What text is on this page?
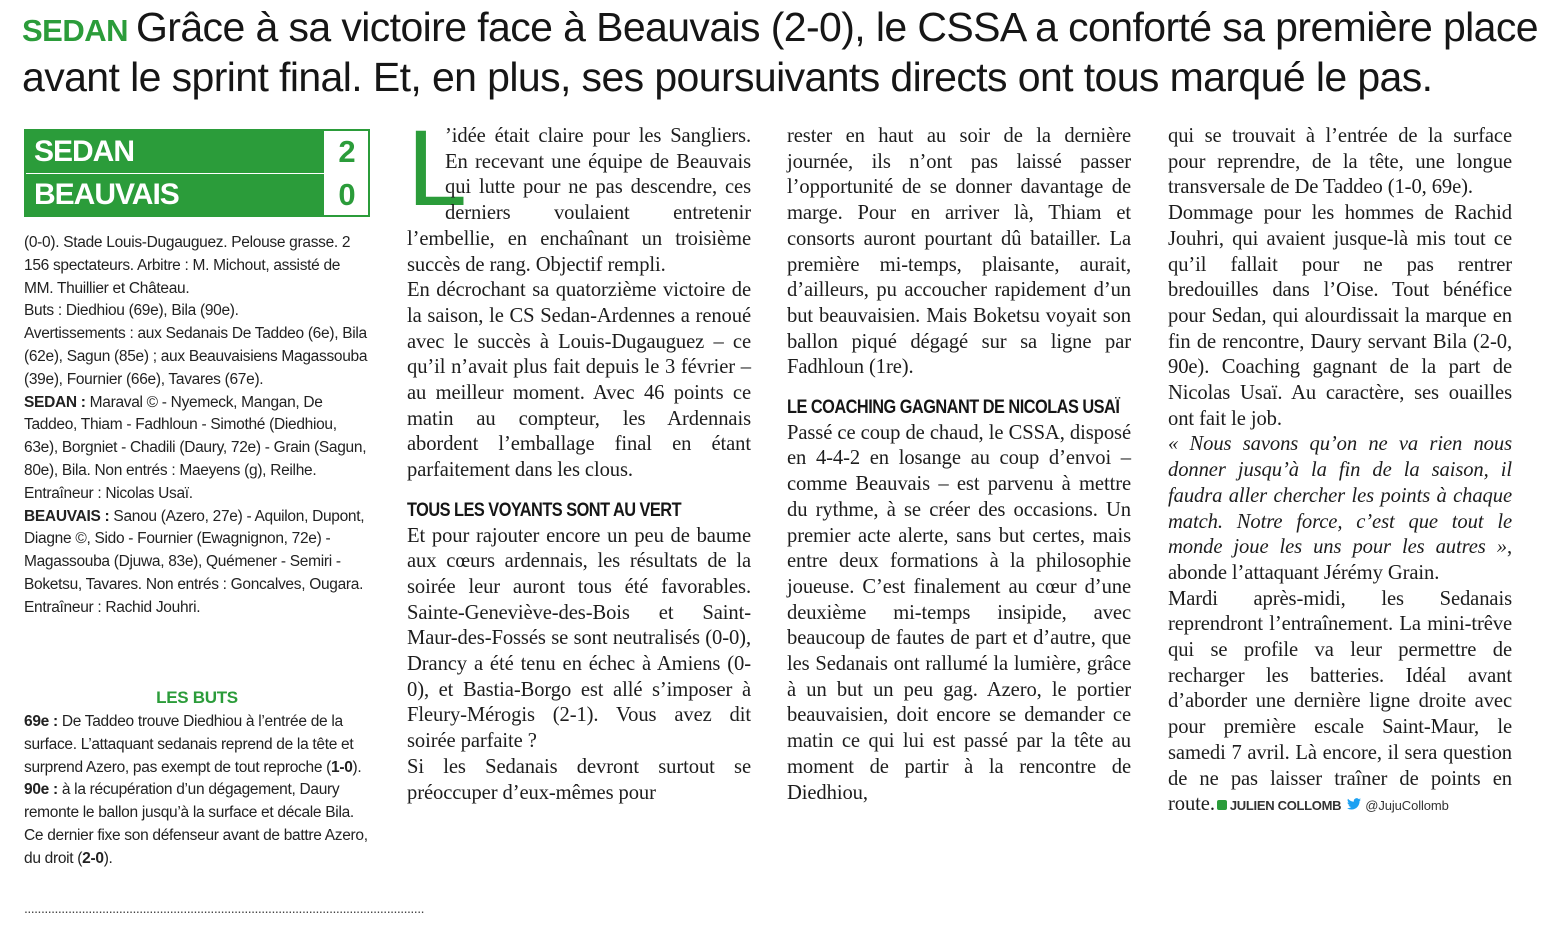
SEDAN Grâce à sa victoire face à Beauvais (2-0), le CSSA a conforté sa première place
avant le sprint final. Et, en plus, ses poursuivants directs ont tous marqué le pas.
SEDAN	2
BEAUVAIS	0

(0-0). Stade Louis-Dugauguez. Pelouse grasse. 2 156 spectateurs. Arbitre : M. Michout, assisté de MM. Thuillier et Château.

Buts : Diedhiou (69e), Bila (90e).

Avertissements : aux Sedanais De Taddeo (6e), Bila (62e), Sagun (85e) ; aux Beauvaisiens Magassouba (39e), Fournier (66e), Tavares (67e).

SEDAN : Maraval © - Nyemeck, Mangan, De Taddeo, Thiam - Fadhloun - Simothé (Diedhiou, 63e), Borgniet - Chadili (Daury, 72e) - Grain (Sagun, 80e), Bila. Non entrés : Maeyens (g), Reilhe. Entraîneur : Nicolas Usaï.

BEAUVAIS : Sanou (Azero, 27e) - Aquilon, Dupont, Diagne ©, Sido - Fournier (Ewagnignon, 72e) - Magassouba (Djuwa, 83e), Quémener - Semiri - Boketsu, Tavares. Non entrés : Goncalves, Ougara. Entraîneur : Rachid Jouhri.

LES BUTS

69e : De Taddeo trouve Diedhiou à l’entrée de la surface. L’attaquant sedanais reprend de la tête et surprend Azero, pas exempt de tout reproche (1-0).

90e : à la récupération d’un dégagement, Daury remonte le ballon jusqu’à la surface et décale Bila. Ce dernier fixe son défenseur avant de battre Azero, du droit (2-0).

......................................................................................................................

L
’idée était claire pour les Sangliers. En recevant une équipe de Beauvais qui lutte pour ne pas descendre, ces derniers voulaient entretenir l’embellie, en enchaînant un troisième succès de rang. Objectif rempli.

En décrochant sa quatorzième victoire de la saison, le CS Sedan-Ardennes a renoué avec le succès à Louis-Dugauguez – ce qu’il n’avait plus fait depuis le 3 février – au meilleur moment. Avec 46 points ce matin au compteur, les Ardennais abordent l’emballage final en étant parfaitement dans les clous.

TOUS LES VOYANTS SONT AU VERT

Et pour rajouter encore un peu de baume aux cœurs ardennais, les résultats de la soirée leur auront tous été favorables. Sainte-Geneviève-des-Bois et Saint-Maur-des-Fossés se sont neutralisés (0-0), Drancy a été tenu en échec à Amiens (0-0), et Bastia-Borgo est allé s’imposer à Fleury-Mérogis (2-1). Vous avez dit soirée parfaite ?

Si les Sedanais devront surtout se préoccuper d’eux-mêmes pour

rester en haut au soir de la dernière journée, ils n’ont pas laissé passer l’opportunité de se donner davantage de marge. Pour en arriver là, Thiam et consorts auront pourtant dû batailler. La première mi-temps, plaisante, aurait, d’ailleurs, pu accoucher rapidement d’un but beauvaisien. Mais Boketsu voyait son ballon piqué dégagé sur sa ligne par Fadhloun (1re).

LE COACHING GAGNANT DE NICOLAS USAÏ

Passé ce coup de chaud, le CSSA, disposé en 4-4-2 en losange au coup d’envoi – comme Beauvais – est parvenu à mettre du rythme, à se créer des occasions. Un premier acte alerte, sans but certes, mais entre deux formations à la philosophie joueuse. C’est finalement au cœur d’une deuxième mi-temps insipide, avec beaucoup de fautes de part et d’autre, que les Sedanais ont rallumé la lumière, grâce à un but un peu gag. Azero, le portier beauvaisien, doit encore se demander ce matin ce qui lui est passé par la tête au moment de partir à la rencontre de Diedhiou,

qui se trouvait à l’entrée de la surface pour reprendre, de la tête, une longue transversale de De Taddeo (1-0, 69e).

Dommage pour les hommes de Rachid Jouhri, qui avaient jusque-là mis tout ce qu’il fallait pour ne pas rentrer bredouilles dans l’Oise. Tout bénéfice pour Sedan, qui alourdissait la marque en fin de rencontre, Daury servant Bila (2-0, 90e). Coaching gagnant de la part de Nicolas Usaï. Au caractère, ses ouailles ont fait le job.

« Nous savons qu’on ne va rien nous donner jusqu’à la fin de la saison, il faudra aller chercher les points à chaque match. Notre force, c’est que tout le monde joue les uns pour les autres », abonde l’attaquant Jérémy Grain.

Mardi après-midi, les Sedanais reprendront l’entraînement. La mini-trêve qui se profile va leur permettre de recharger les batteries. Idéal avant d’aborder une dernière ligne droite avec pour première escale Saint-Maur, le samedi 7 avril. Là encore, il sera question de ne pas laisser traîner de points en route. JULIEN COLLOMB @JujuCollomb
